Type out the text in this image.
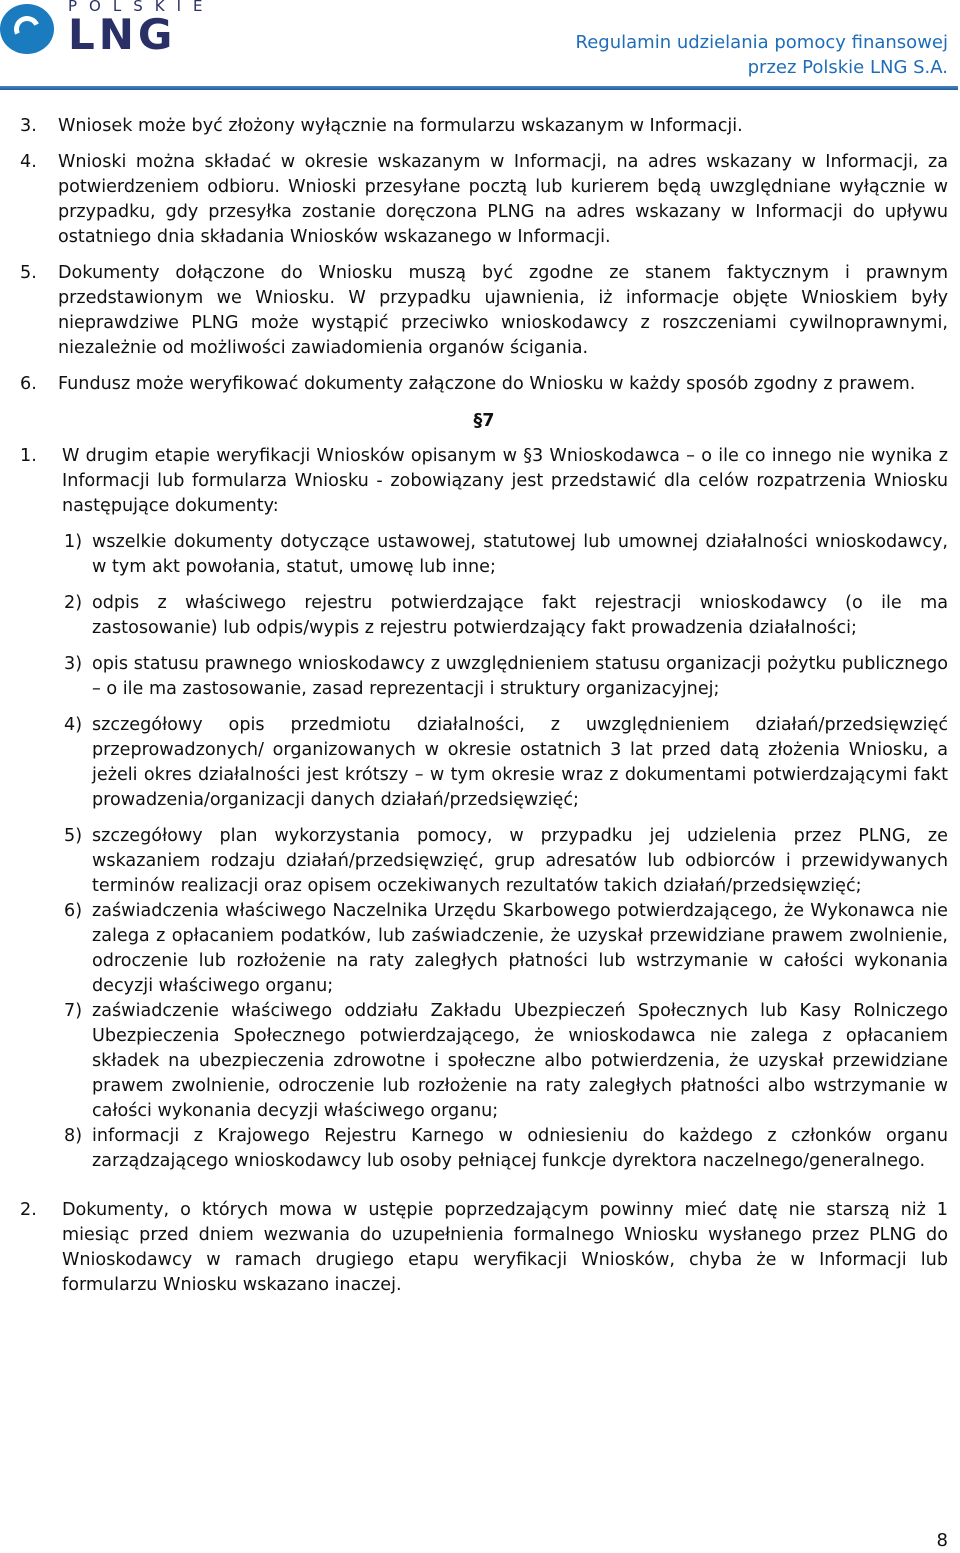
POLSKIE
LNG	Regulamin udzielania pomocy finansowej
przez Polskie LNG S.A.
3. Wniosek może być złożony wyłącznie na formularzu wskazanym w Informacji.
4. Wnioski można składać w okresie wskazanym w Informacji, na adres wskazany w Informacji, za potwierdzeniem odbioru. Wnioski przesyłane pocztą lub kurierem będą uwzględniane wyłącznie w przypadku, gdy przesyłka zostanie doręczona PLNG na adres wskazany w Informacji do upływu ostatniego dnia składania Wniosków wskazanego w Informacji.
5. Dokumenty dołączone do Wniosku muszą być zgodne ze stanem faktycznym i prawnym przedstawionym we Wniosku. W przypadku ujawnienia, iż informacje objęte Wnioskiem były nieprawdziwe PLNG może wystąpić przeciwko wnioskodawcy z roszczeniami cywilnoprawnymi, niezależnie od możliwości zawiadomienia organów ścigania.
6. Fundusz może weryfikować dokumenty załączone do Wniosku w każdy sposób zgodny z prawem.
§7
1. W drugim etapie weryfikacji Wniosków opisanym w §3 Wnioskodawca – o ile co innego nie wynika z Informacji lub formularza Wniosku - zobowiązany jest przedstawić dla celów rozpatrzenia Wniosku następujące dokumenty:
1) wszelkie dokumenty dotyczące ustawowej, statutowej lub umownej działalności wnioskodawcy, w tym akt powołania, statut, umowę lub inne;
2) odpis z właściwego rejestru potwierdzające fakt rejestracji wnioskodawcy (o ile ma zastosowanie) lub odpis/wypis z rejestru potwierdzający fakt prowadzenia działalności;
3) opis statusu prawnego wnioskodawcy z uwzględnieniem statusu organizacji pożytku publicznego – o ile ma zastosowanie, zasad reprezentacji i struktury organizacyjnej;
4) szczegółowy opis przedmiotu działalności, z uwzględnieniem działań/przedsięwzięć przeprowadzonych/ organizowanych w okresie ostatnich 3 lat przed datą złożenia Wniosku, a jeżeli okres działalności jest krótszy – w tym okresie wraz z dokumentami potwierdzającymi fakt prowadzenia/organizacji danych działań/przedsięwzięć;
5) szczegółowy plan wykorzystania pomocy, w przypadku jej udzielenia przez PLNG, ze wskazaniem rodzaju działań/przedsięwzięć, grup adresatów lub odbiorców i przewidywanych terminów realizacji oraz opisem oczekiwanych rezultatów takich działań/przedsięwzięć;
6) zaświadczenia właściwego Naczelnika Urzędu Skarbowego potwierdzającego, że Wykonawca nie zalega z opłacaniem podatków, lub zaświadczenie, że uzyskał przewidziane prawem zwolnienie, odroczenie lub rozłożenie na raty zaległych płatności lub wstrzymanie w całości wykonania decyzji właściwego organu;
7) zaświadczenie właściwego oddziału Zakładu Ubezpieczeń Społecznych lub Kasy Rolniczego Ubezpieczenia Społecznego potwierdzającego, że wnioskodawca nie zalega z opłacaniem składek na ubezpieczenia zdrowotne i społeczne albo potwierdzenia, że uzyskał przewidziane prawem zwolnienie, odroczenie lub rozłożenie na raty zaległych płatności albo wstrzymanie w całości wykonania decyzji właściwego organu;
8) informacji z Krajowego Rejestru Karnego w odniesieniu do każdego z członków organu zarządzającego wnioskodawcy lub osoby pełniącej funkcje dyrektora naczelnego/generalnego.
2. Dokumenty, o których mowa w ustępie poprzedzającym powinny mieć datę nie starszą niż 1 miesiąc przed dniem wezwania do uzupełnienia formalnego Wniosku wysłanego przez PLNG do Wnioskodawcy w ramach drugiego etapu weryfikacji Wniosków, chyba że w Informacji lub formularzu Wniosku wskazano inaczej.
8
